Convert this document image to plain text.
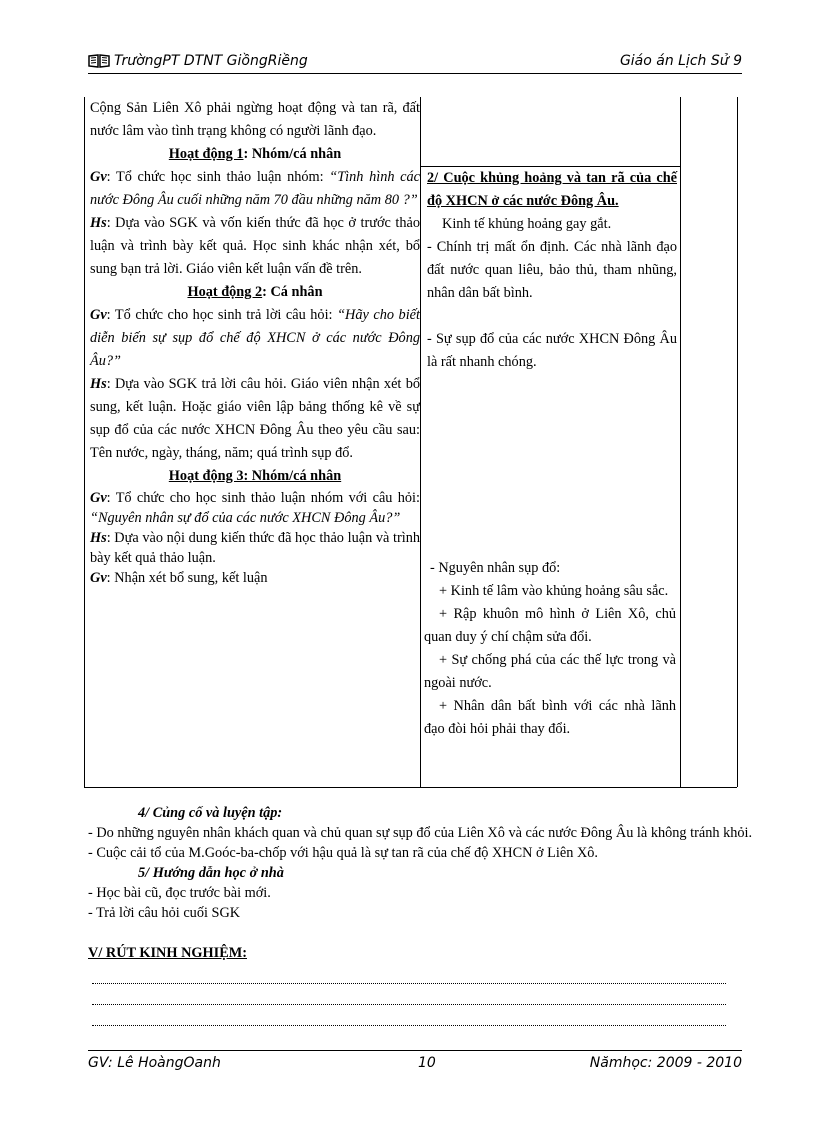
TrườngPT DTNT GiồngRiềng	Giáo án Lịch Sử 9

Cộng Sản Liên Xô phải ngừng hoạt động và tan rã, đất nước lâm vào tình trạng không có người lãnh đạo.

Hoạt động 1: Nhóm/cá nhân

Gv: Tổ chức học sinh thảo luận nhóm: “Tình hình các nước Đông Âu cuối những năm 70 đầu những năm 80 ?”

Hs: Dựa vào SGK và vốn kiến thức đã học ở trước thảo luận và trình bày kết quả. Học sinh khác nhận xét, bổ sung bạn trả lời. Giáo viên kết luận vấn đề trên.

Hoạt động 2: Cá nhân

Gv: Tổ chức cho học sinh trả lời câu hỏi: “Hãy cho biết diễn biến sự sụp đổ chế độ XHCN ở các nước Đông Âu?”

Hs: Dựa vào SGK trả lời câu hỏi. Giáo viên nhận xét bổ sung, kết luận. Hoặc giáo viên lập bảng thống kê về sự sụp đổ của các nước XHCN Đông Âu theo yêu cầu sau: Tên nước, ngày, tháng, năm; quá trình sụp đổ.

Hoạt động 3: Nhóm/cá nhân

Gv: Tổ chức cho học sinh thảo luận nhóm với câu hỏi: “Nguyên nhân sự đổ của các nước XHCN Đông Âu?”

Hs: Dựa vào nội dung kiến thức đã học thảo luận và trình bày kết quả thảo luận.

Gv: Nhận xét bổ sung, kết luận

2/ Cuộc khủng hoảng và tan rã của chế độ XHCN ở các nước Đông Âu.

Kinh tế khủng hoảng gay gắt.

- Chính trị mất ổn định. Các nhà lãnh đạo đất nước quan liêu, bảo thủ, tham nhũng, nhân dân bất bình.

- Sự sụp đổ của các nước XHCN Đông Âu là rất nhanh chóng.

- Nguyên nhân sụp đổ:

+ Kinh tế lâm vào khủng hoảng sâu sắc.

+ Rập khuôn mô hình ở Liên Xô, chủ quan duy ý chí chậm sửa đổi.

+ Sự chống phá của các thế lực trong và ngoài nước.

+ Nhân dân bất bình với các nhà lãnh đạo đòi hỏi phải thay đổi.

4/ Củng cố và luyện tập:
- Do những nguyên nhân khách quan và chủ quan sự sụp đổ của Liên Xô và các nước Đông Âu là không tránh khỏi.
- Cuộc cải tổ của M.Goóc-ba-chốp với hậu quả là sự tan rã của chế độ XHCN ở Liên Xô.
5/ Hướng dẫn học ở nhà
- Học bài cũ, đọc trước bài mới.
- Trả lời câu hỏi cuối SGK
V/ RÚT KINH NGHIỆM:
GV: Lê HoàngOanh	10	Nămhọc: 2009 - 2010
